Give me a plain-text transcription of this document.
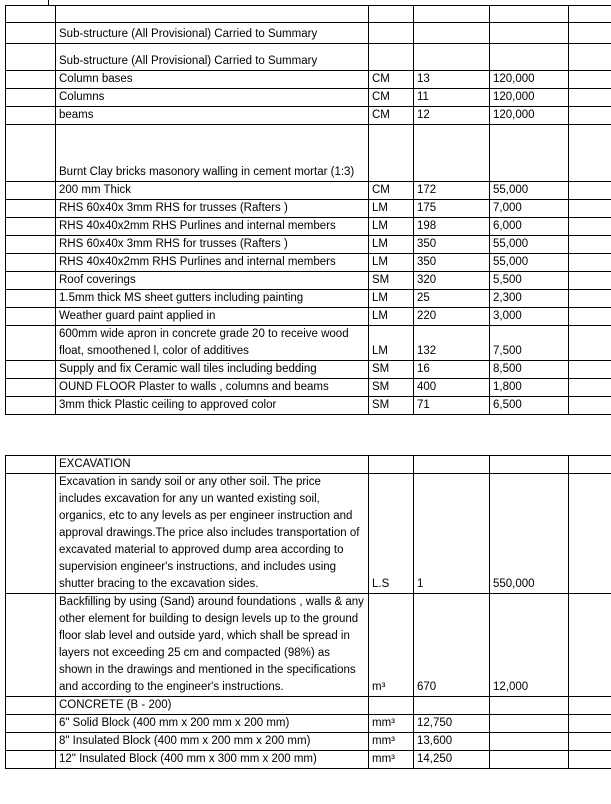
	Sub-structure (All Provisional) Carried to Summary				
	Sub-structure (All Provisional) Carried to Summary				
	Column bases	CM	13	120,000	
	Columns	CM	11	120,000	
	beams	CM	12	120,000	
	Burnt Clay bricks masonory walling in cement mortar (1:3)				
	200 mm Thick	CM	172	55,000	
	RHS 60x40x 3mm RHS for trusses (Rafters )	LM	175	7,000	
	RHS 40x40x2mm RHS Purlines and internal members	LM	198	6,000	
	RHS 60x40x 3mm RHS for trusses (Rafters )	LM	350	55,000	
	RHS 40x40x2mm RHS Purlines and internal members	LM	350	55,000	
	Roof coverings	SM	320	5,500	
	1.5mm thick MS sheet gutters including painting	LM	25	2,300	
	Weather guard paint applied in	LM	220	3,000	
	600mm wide apron in concrete grade 20 to receive wood float, smoothened l, color of additives	LM	132	7,500	
	Supply and fix Ceramic wall tiles including bedding	SM	16	8,500	
	OUND FLOOR Plaster to walls , columns and beams	SM	400	1,800	
	3mm thick Plastic ceiling to approved color	SM	71	6,500	
	EXCAVATION				
	Excavation in sandy soil or any other soil. The price includes excavation for any un wanted existing soil, organics, etc to any levels as per engineer instruction and approval drawings.The price also includes transportation of excavated material to approved dump area according to supervision engineer's instructions, and includes using shutter bracing to the excavation sides.	L.S	1	550,000	
	Backfilling by using (Sand) around foundations , walls & any other element for building to design levels up to the ground floor slab level and outside yard, which shall be spread in layers not exceeding 25 cm and compacted (98%) as shown in the drawings and mentioned in the specifications and according to the engineer's instructions.	m³	670	12,000	
	CONCRETE (B - 200)				
	6" Solid Block (400 mm x 200 mm x 200 mm)	mm³	12,750		
	8" Insulated Block (400 mm x 200 mm x 200 mm)	mm³	13,600		
	12" Insulated Block (400 mm x 300 mm x 200 mm)	mm³	14,250		
